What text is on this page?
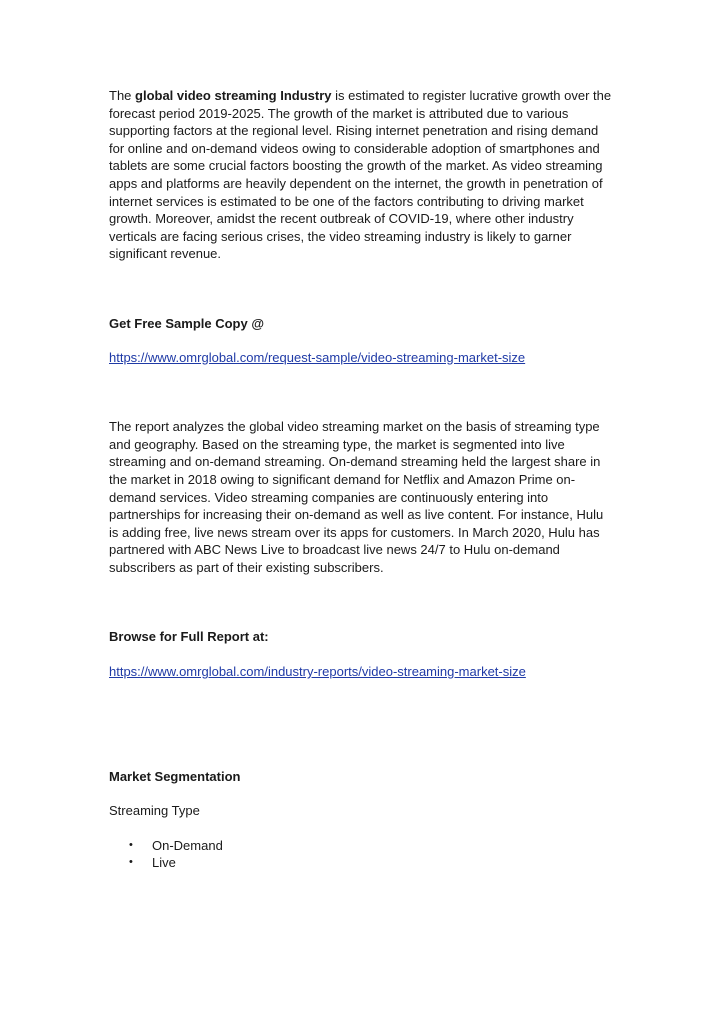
The global video streaming Industry is estimated to register lucrative growth over the forecast period 2019-2025. The growth of the market is attributed due to various supporting factors at the regional level. Rising internet penetration and rising demand for online and on-demand videos owing to considerable adoption of smartphones and tablets are some crucial factors boosting the growth of the market. As video streaming apps and platforms are heavily dependent on the internet, the growth in penetration of internet services is estimated to be one of the factors contributing to driving market growth. Moreover, amidst the recent outbreak of COVID-19, where other industry verticals are facing serious crises, the video streaming industry is likely to garner significant revenue.

Get Free Sample Copy @

https://www.omrglobal.com/request-sample/video-streaming-market-size

The report analyzes the global video streaming market on the basis of streaming type and geography. Based on the streaming type, the market is segmented into live streaming and on-demand streaming. On-demand streaming held the largest share in the market in 2018 owing to significant demand for Netflix and Amazon Prime on-demand services. Video streaming companies are continuously entering into partnerships for increasing their on-demand as well as live content. For instance, Hulu is adding free, live news stream over its apps for customers. In March 2020, Hulu has partnered with ABC News Live to broadcast live news 24/7 to Hulu on-demand subscribers as part of their existing subscribers.

Browse for Full Report at:

https://www.omrglobal.com/industry-reports/video-streaming-market-size

Market Segmentation

Streaming Type

• On-Demand
• Live
